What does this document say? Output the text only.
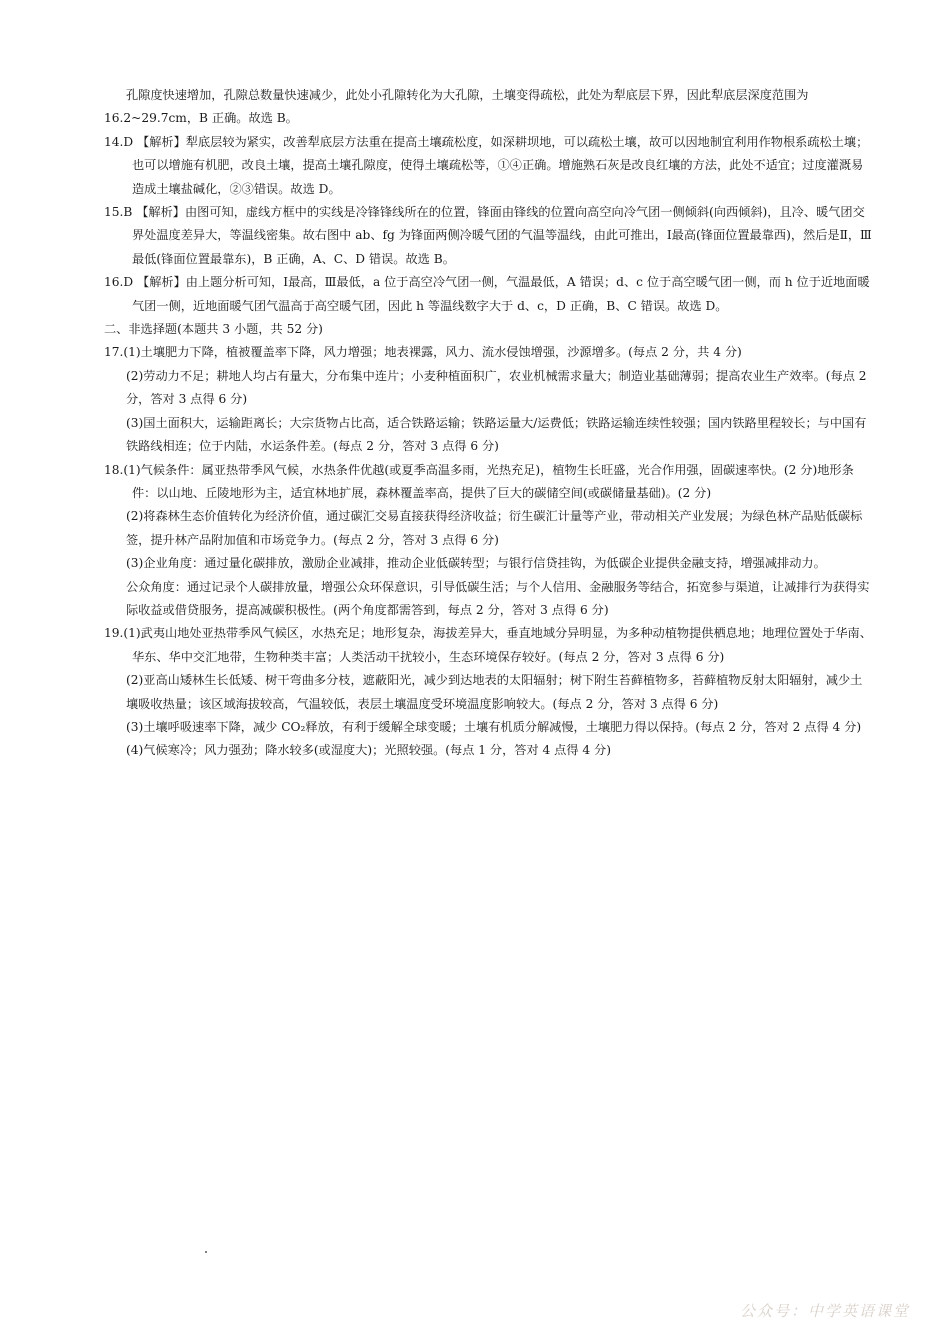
孔隙度快速增加，孔隙总数量快速减少，此处小孔隙转化为大孔隙，土壤变得疏松，此处为犁底层下界，因此犁底层深度范围为 16.2~29.7cm，B 正确。故选 B。

14.D 【解析】犁底层较为紧实，改善犁底层方法重在提高土壤疏松度，如深耕坝地，可以疏松土壤，故可以因地制宜利用作物根系疏松土壤；也可以增施有机肥，改良土壤，提高土壤孔隙度，使得土壤疏松等，①④正确。增施熟石灰是改良红壤的方法，此处不适宜；过度灌溉易造成土壤盐碱化，②③错误。故选 D。

15.B 【解析】由图可知，虚线方框中的实线是冷锋锋线所在的位置，锋面由锋线的位置向高空向冷气团一侧倾斜(向西倾斜)，且冷、暖气团交界处温度差异大，等温线密集。故右图中 ab、fg 为锋面两侧冷暖气团的气温等温线，由此可推出，Ⅰ最高(锋面位置最靠西)，然后是Ⅱ，Ⅲ最低(锋面位置最靠东)，B 正确，A、C、D 错误。故选 B。

16.D 【解析】由上题分析可知，Ⅰ最高，Ⅲ最低，a 位于高空冷气团一侧，气温最低，A 错误；d、c 位于高空暖气团一侧，而 h 位于近地面暖气团一侧，近地面暖气团气温高于高空暖气团，因此 h 等温线数字大于 d、c，D 正确，B、C 错误。故选 D。

二、非选择题(本题共 3 小题，共 52 分)

17.(1)土壤肥力下降，植被覆盖率下降，风力增强；地表裸露，风力、流水侵蚀增强，沙源增多。(每点 2 分，共 4 分)

(2)劳动力不足；耕地人均占有量大，分布集中连片；小麦种植面积广，农业机械需求量大；制造业基础薄弱；提高农业生产效率。(每点 2 分，答对 3 点得 6 分)

(3)国土面积大，运输距离长；大宗货物占比高，适合铁路运输；铁路运量大/运费低；铁路运输连续性较强；国内铁路里程较长；与中国有铁路线相连；位于内陆，水运条件差。(每点 2 分，答对 3 点得 6 分)

18.(1)气候条件：属亚热带季风气候，水热条件优越(或夏季高温多雨，光热充足)，植物生长旺盛，光合作用强，固碳速率快。(2 分)地形条件：以山地、丘陵地形为主，适宜林地扩展，森林覆盖率高，提供了巨大的碳储空间(或碳储量基础)。(2 分)

(2)将森林生态价值转化为经济价值，通过碳汇交易直接获得经济收益；衍生碳汇计量等产业，带动相关产业发展；为绿色林产品贴低碳标签，提升林产品附加值和市场竞争力。(每点 2 分，答对 3 点得 6 分)

(3)企业角度：通过量化碳排放，激励企业减排，推动企业低碳转型；与银行信贷挂钩，为低碳企业提供金融支持，增强减排动力。

公众角度：通过记录个人碳排放量，增强公众环保意识，引导低碳生活；与个人信用、金融服务等结合，拓宽参与渠道，让减排行为获得实际收益或借贷服务，提高减碳积极性。(两个角度都需答到，每点 2 分，答对 3 点得 6 分)

19.(1)武夷山地处亚热带季风气候区，水热充足；地形复杂，海拔差异大，垂直地域分异明显，为多种动植物提供栖息地；地理位置处于华南、华东、华中交汇地带，生物种类丰富；人类活动干扰较小，生态环境保存较好。(每点 2 分，答对 3 点得 6 分)

(2)亚高山矮林生长低矮、树干弯曲多分枝，遮蔽阳光，减少到达地表的太阳辐射；树下附生苔藓植物多，苔藓植物反射太阳辐射，减少土壤吸收热量；该区域海拔较高，气温较低，表层土壤温度受环境温度影响较大。(每点 2 分，答对 3 点得 6 分)

(3)土壤呼吸速率下降，减少 CO₂释放，有利于缓解全球变暖；土壤有机质分解减慢，土壤肥力得以保持。(每点 2 分，答对 2 点得 4 分)

(4)气候寒冷；风力强劲；降水较多(或湿度大)；光照较强。(每点 1 分，答对 4 点得 4 分)

公众号：中学英语课堂
